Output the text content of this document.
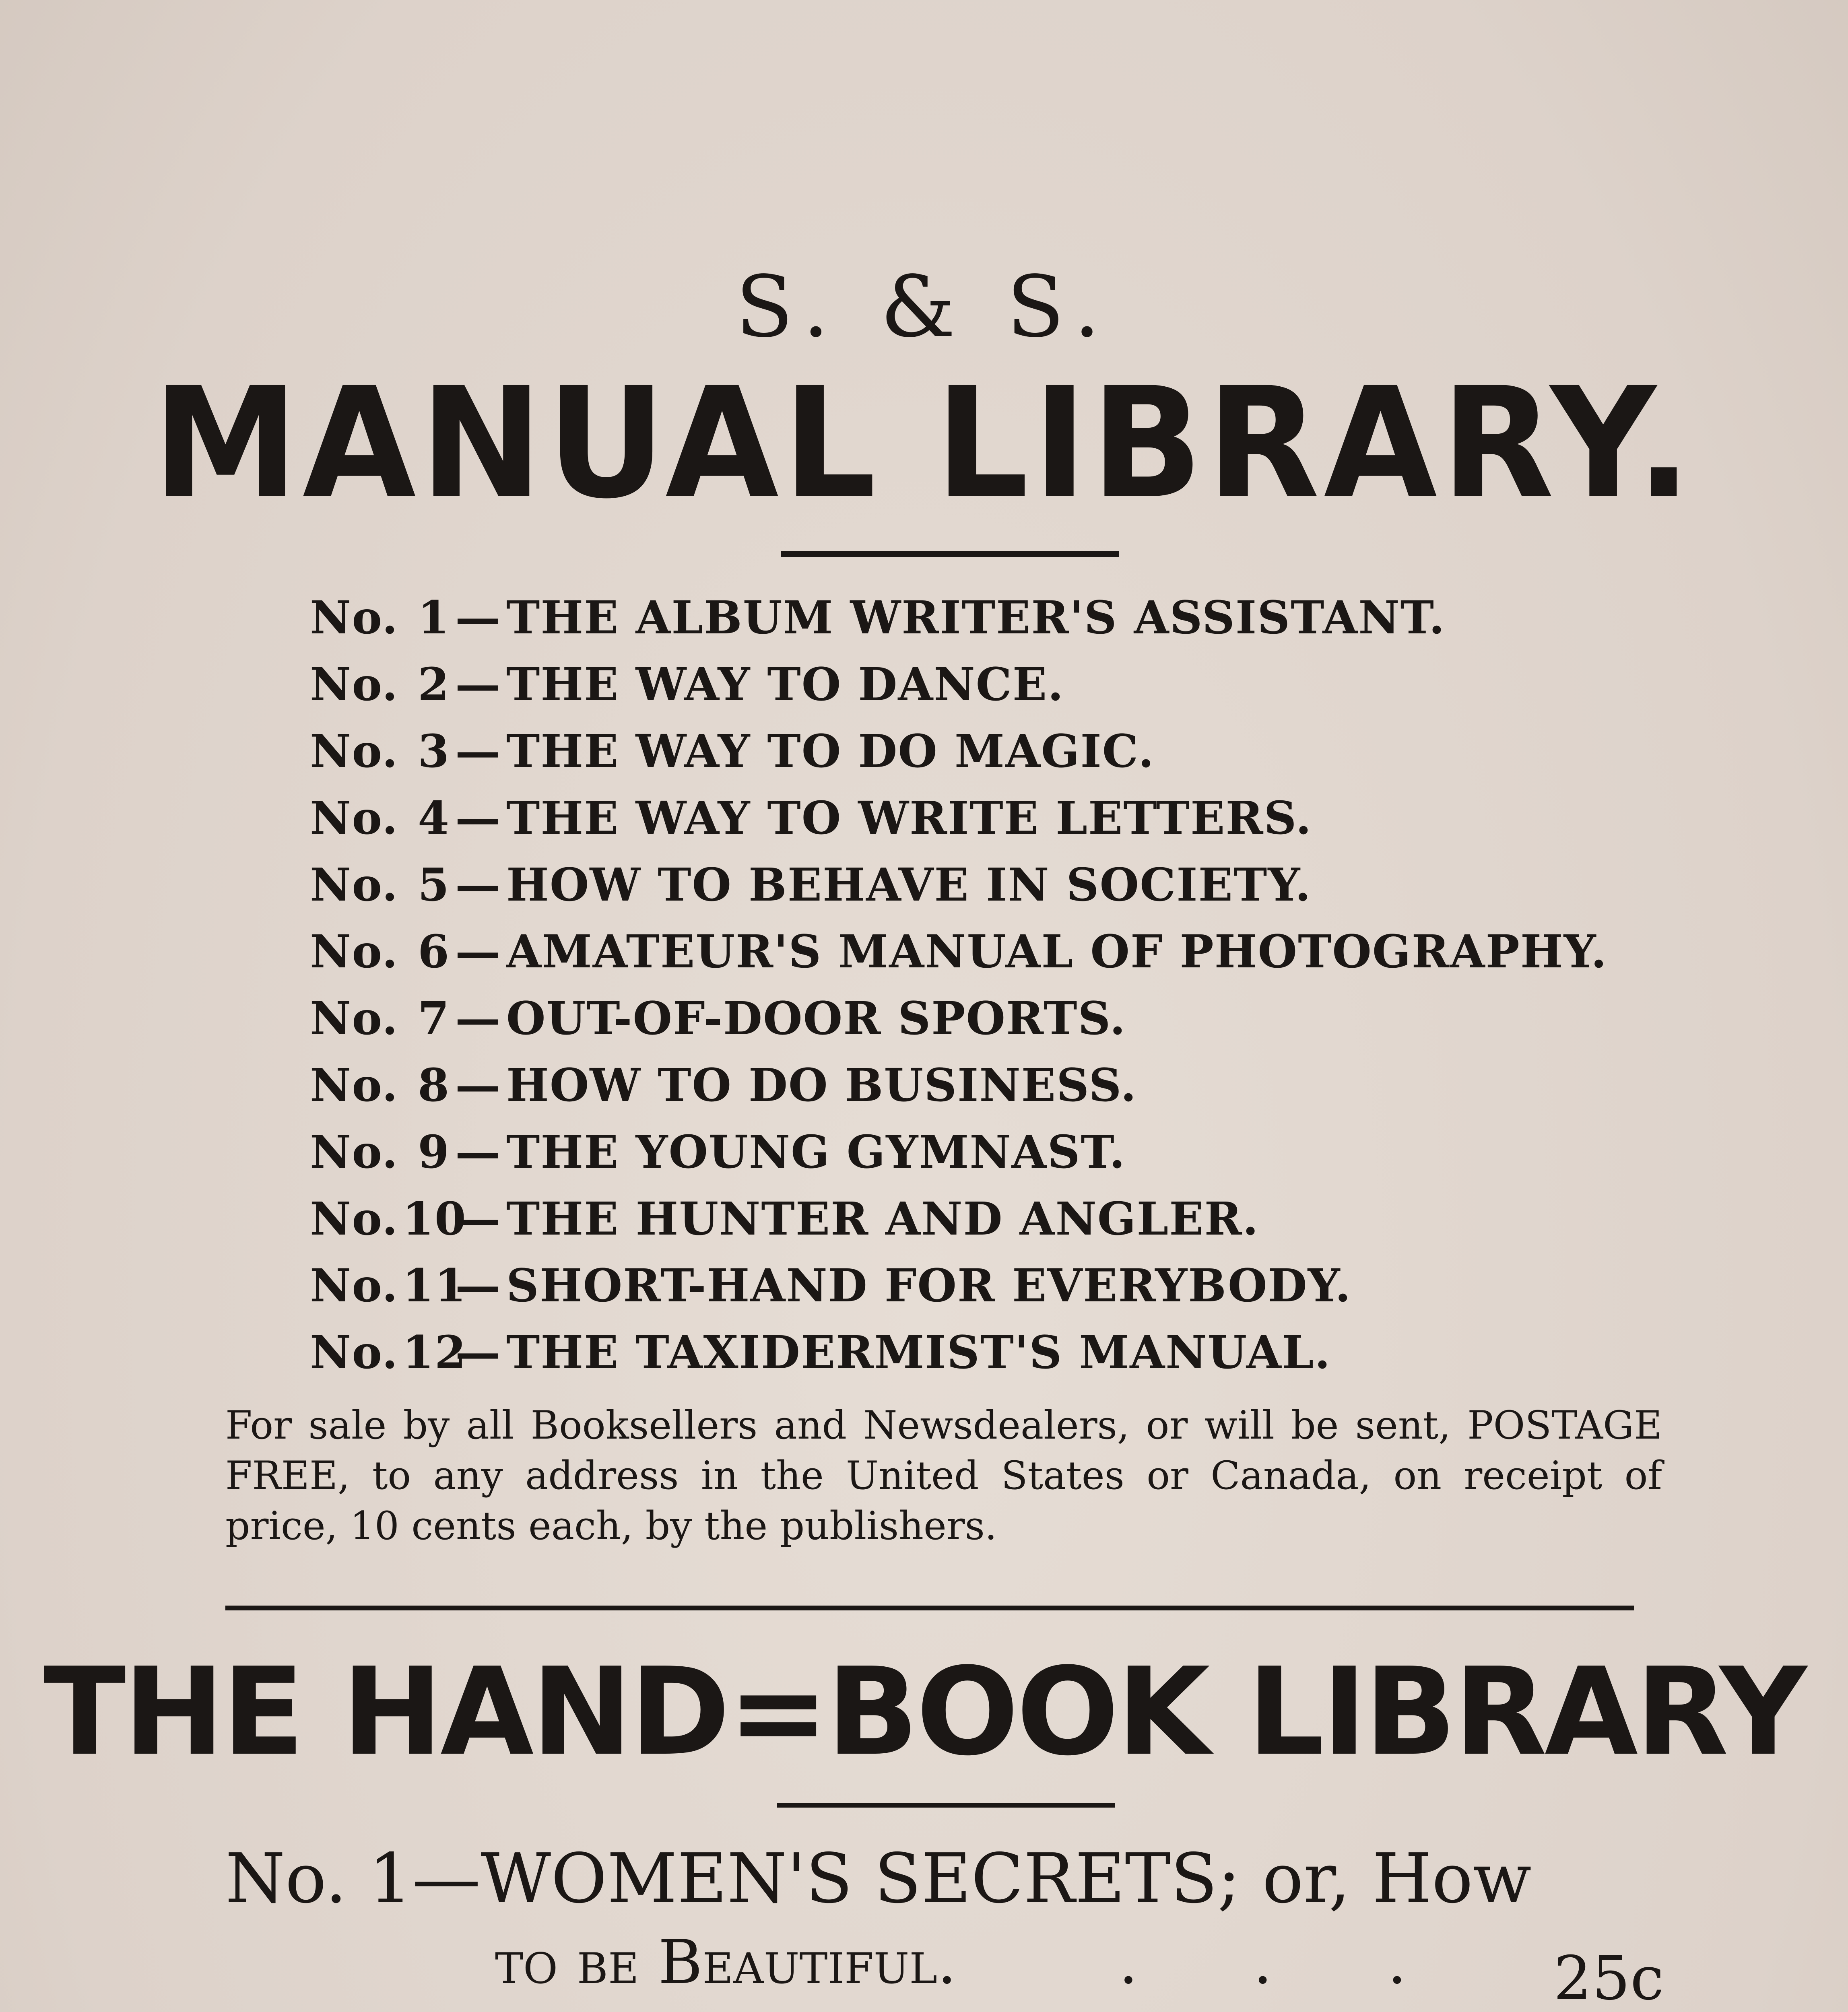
S. & S.
MANUAL LIBRARY.
No. 1 — THE ALBUM WRITER'S ASSISTANT.
No. 2 — THE WAY TO DANCE.
No. 3 — THE WAY TO DO MAGIC.
No. 4 — THE WAY TO WRITE LETTERS.
No. 5 — HOW TO BEHAVE IN SOCIETY.
No. 6 — AMATEUR'S MANUAL OF PHOTOGRAPHY.
No. 7 — OUT-OF-DOOR SPORTS.
No. 8 — HOW TO DO BUSINESS.
No. 9 — THE YOUNG GYMNAST.
No.10— THE HUNTER AND ANGLER.
No.11— SHORT-HAND FOR EVERYBODY.
No.12— THE TAXIDERMIST'S MANUAL.
For sale by all Booksellers and Newsdealers, or will be sent, POSTAGE FREE, to any address in the United States or Canada, on receipt of price, 10 cents each, by the publishers.
THE HAND=BOOK LIBRARY
No. 1—WOMEN'S SECRETS; or, How
to be Beautiful.	.      .      . 25c
